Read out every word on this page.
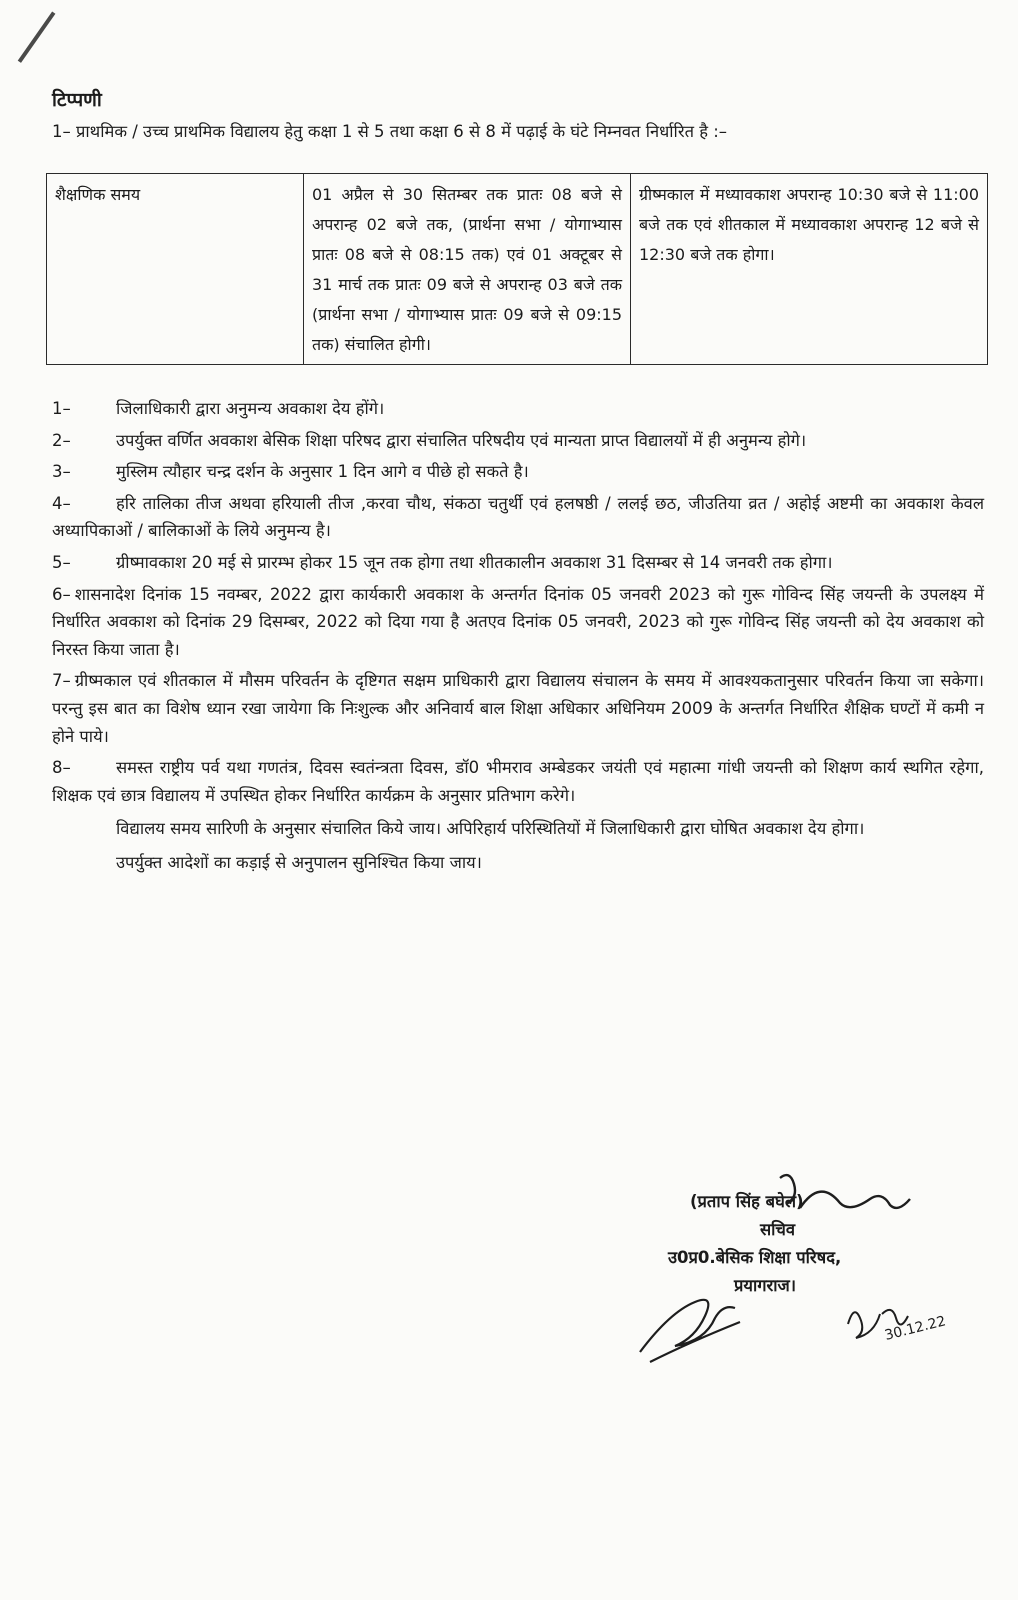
टिप्पणी

1– प्राथमिक / उच्च प्राथमिक विद्यालय हेतु कक्षा 1 से 5 तथा कक्षा 6 से 8 में पढ़ाई के घंटे निम्नवत निर्धारित है :–

शैक्षणिक समय	01 अप्रैल से 30 सितम्बर तक प्रातः 08 बजे से अपरान्ह 02 बजे तक, (प्रार्थना सभा / योगाभ्यास प्रातः 08 बजे से 08:15 तक) एवं 01 अक्टूबर से 31 मार्च तक प्रातः 09 बजे से अपरान्ह 03 बजे तक (प्रार्थना सभा / योगाभ्यास प्रातः 09 बजे से 09:15 तक) संचालित होगी।	ग्रीष्मकाल में मध्यावकाश अपरान्ह 10:30 बजे से 11:00 बजे तक एवं शीतकाल में मध्यावकाश अपरान्ह 12 बजे से 12:30 बजे तक होगा।

1–	जिलाधिकारी द्वारा अनुमन्य अवकाश देय होंगे।

2–	उपर्युक्त वर्णित अवकाश बेसिक शिक्षा परिषद द्वारा संचालित परिषदीय एवं मान्यता प्राप्त विद्यालयों में ही अनुमन्य होगे।

3–	मुस्लिम त्यौहार चन्द्र दर्शन के अनुसार 1 दिन आगे व पीछे हो सकते है।

4–	हरि तालिका तीज अथवा हरियाली तीज ,करवा चौथ, संकठा चतुर्थी एवं हलषष्ठी / ललई छठ, जीउतिया व्रत / अहोई अष्टमी का अवकाश केवल अध्यापिकाओं / बालिकाओं के लिये अनुमन्य है।

5–	ग्रीष्मावकाश 20 मई से प्रारम्भ होकर 15 जून तक होगा तथा शीतकालीन अवकाश 31 दिसम्बर से 14 जनवरी तक होगा।

6– शासनादेश दिनांक 15 नवम्बर, 2022 द्वारा कार्यकारी अवकाश के अन्तर्गत दिनांक 05 जनवरी 2023 को गुरू गोविन्द सिंह जयन्ती के उपलक्ष्य में निर्धारित अवकाश को दिनांक 29 दिसम्बर, 2022 को दिया गया है अतएव दिनांक 05 जनवरी, 2023 को गुरू गोविन्द सिंह जयन्ती को देय अवकाश को निरस्त किया जाता है।

7– ग्रीष्मकाल एवं शीतकाल में मौसम परिवर्तन के दृष्टिगत सक्षम प्राधिकारी द्वारा विद्यालय संचालन के समय में आवश्यकतानुसार परिवर्तन किया जा सकेगा। परन्तु इस बात का विशेष ध्यान रखा जायेगा कि निःशुल्क और अनिवार्य बाल शिक्षा अधिकार अधिनियम 2009 के अन्तर्गत निर्धारित शैक्षिक घण्टों में कमी न होने पाये।

8–	समस्त राष्ट्रीय पर्व यथा गणतंत्र, दिवस स्वतंन्त्रता दिवस, डॉ0 भीमराव अम्बेडकर जयंती एवं महात्मा गांधी जयन्ती को शिक्षण कार्य स्थगित रहेगा, शिक्षक एवं छात्र विद्यालय में उपस्थित होकर निर्धारित कार्यक्रम के अनुसार प्रतिभाग करेगे।

विद्यालय समय सारिणी के अनुसार संचालित किये जाय। अपिरिहार्य परिस्थितियों में जिलाधिकारी द्वारा घोषित अवकाश देय होगा।

उपर्युक्त आदेशों का कड़ाई से अनुपालन सुनिश्चित किया जाय।

(प्रताप सिंह बघेल)
सचिव
उ0प्र0.बेसिक शिक्षा परिषद,
प्रयागराज।
30.12.22
